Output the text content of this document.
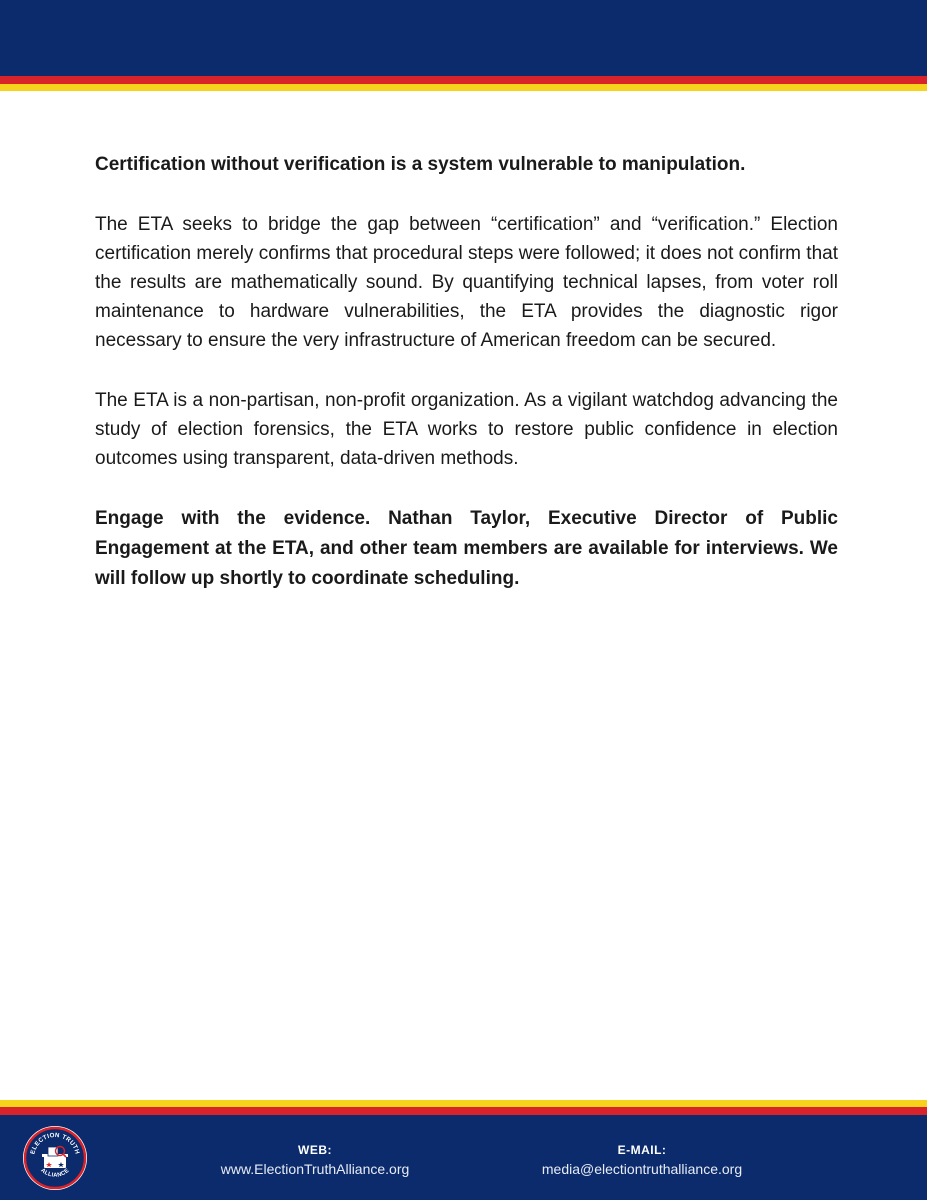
Certification without verification is a system vulnerable to manipulation.

The ETA seeks to bridge the gap between “certification” and “verification.” Election certification merely confirms that procedural steps were followed; it does not confirm that the results are mathematically sound. By quantifying technical lapses, from voter roll maintenance to hardware vulnerabilities, the ETA provides the diagnostic rigor necessary to ensure the very infrastructure of American freedom can be secured.

The ETA is a non-partisan, non-profit organization. As a vigilant watchdog advancing the study of election forensics, the ETA works to restore public confidence in election outcomes using transparent, data-driven methods.

Engage with the evidence. Nathan Taylor, Executive Director of Public Engagement at the ETA, and other team members are available for interviews. We will follow up shortly to coordinate scheduling.

ELECTION TRUTH
ALLIANCE
WEB:
www.ElectionTruthAlliance.org
E-MAIL:
media@electiontruthalliance.org
